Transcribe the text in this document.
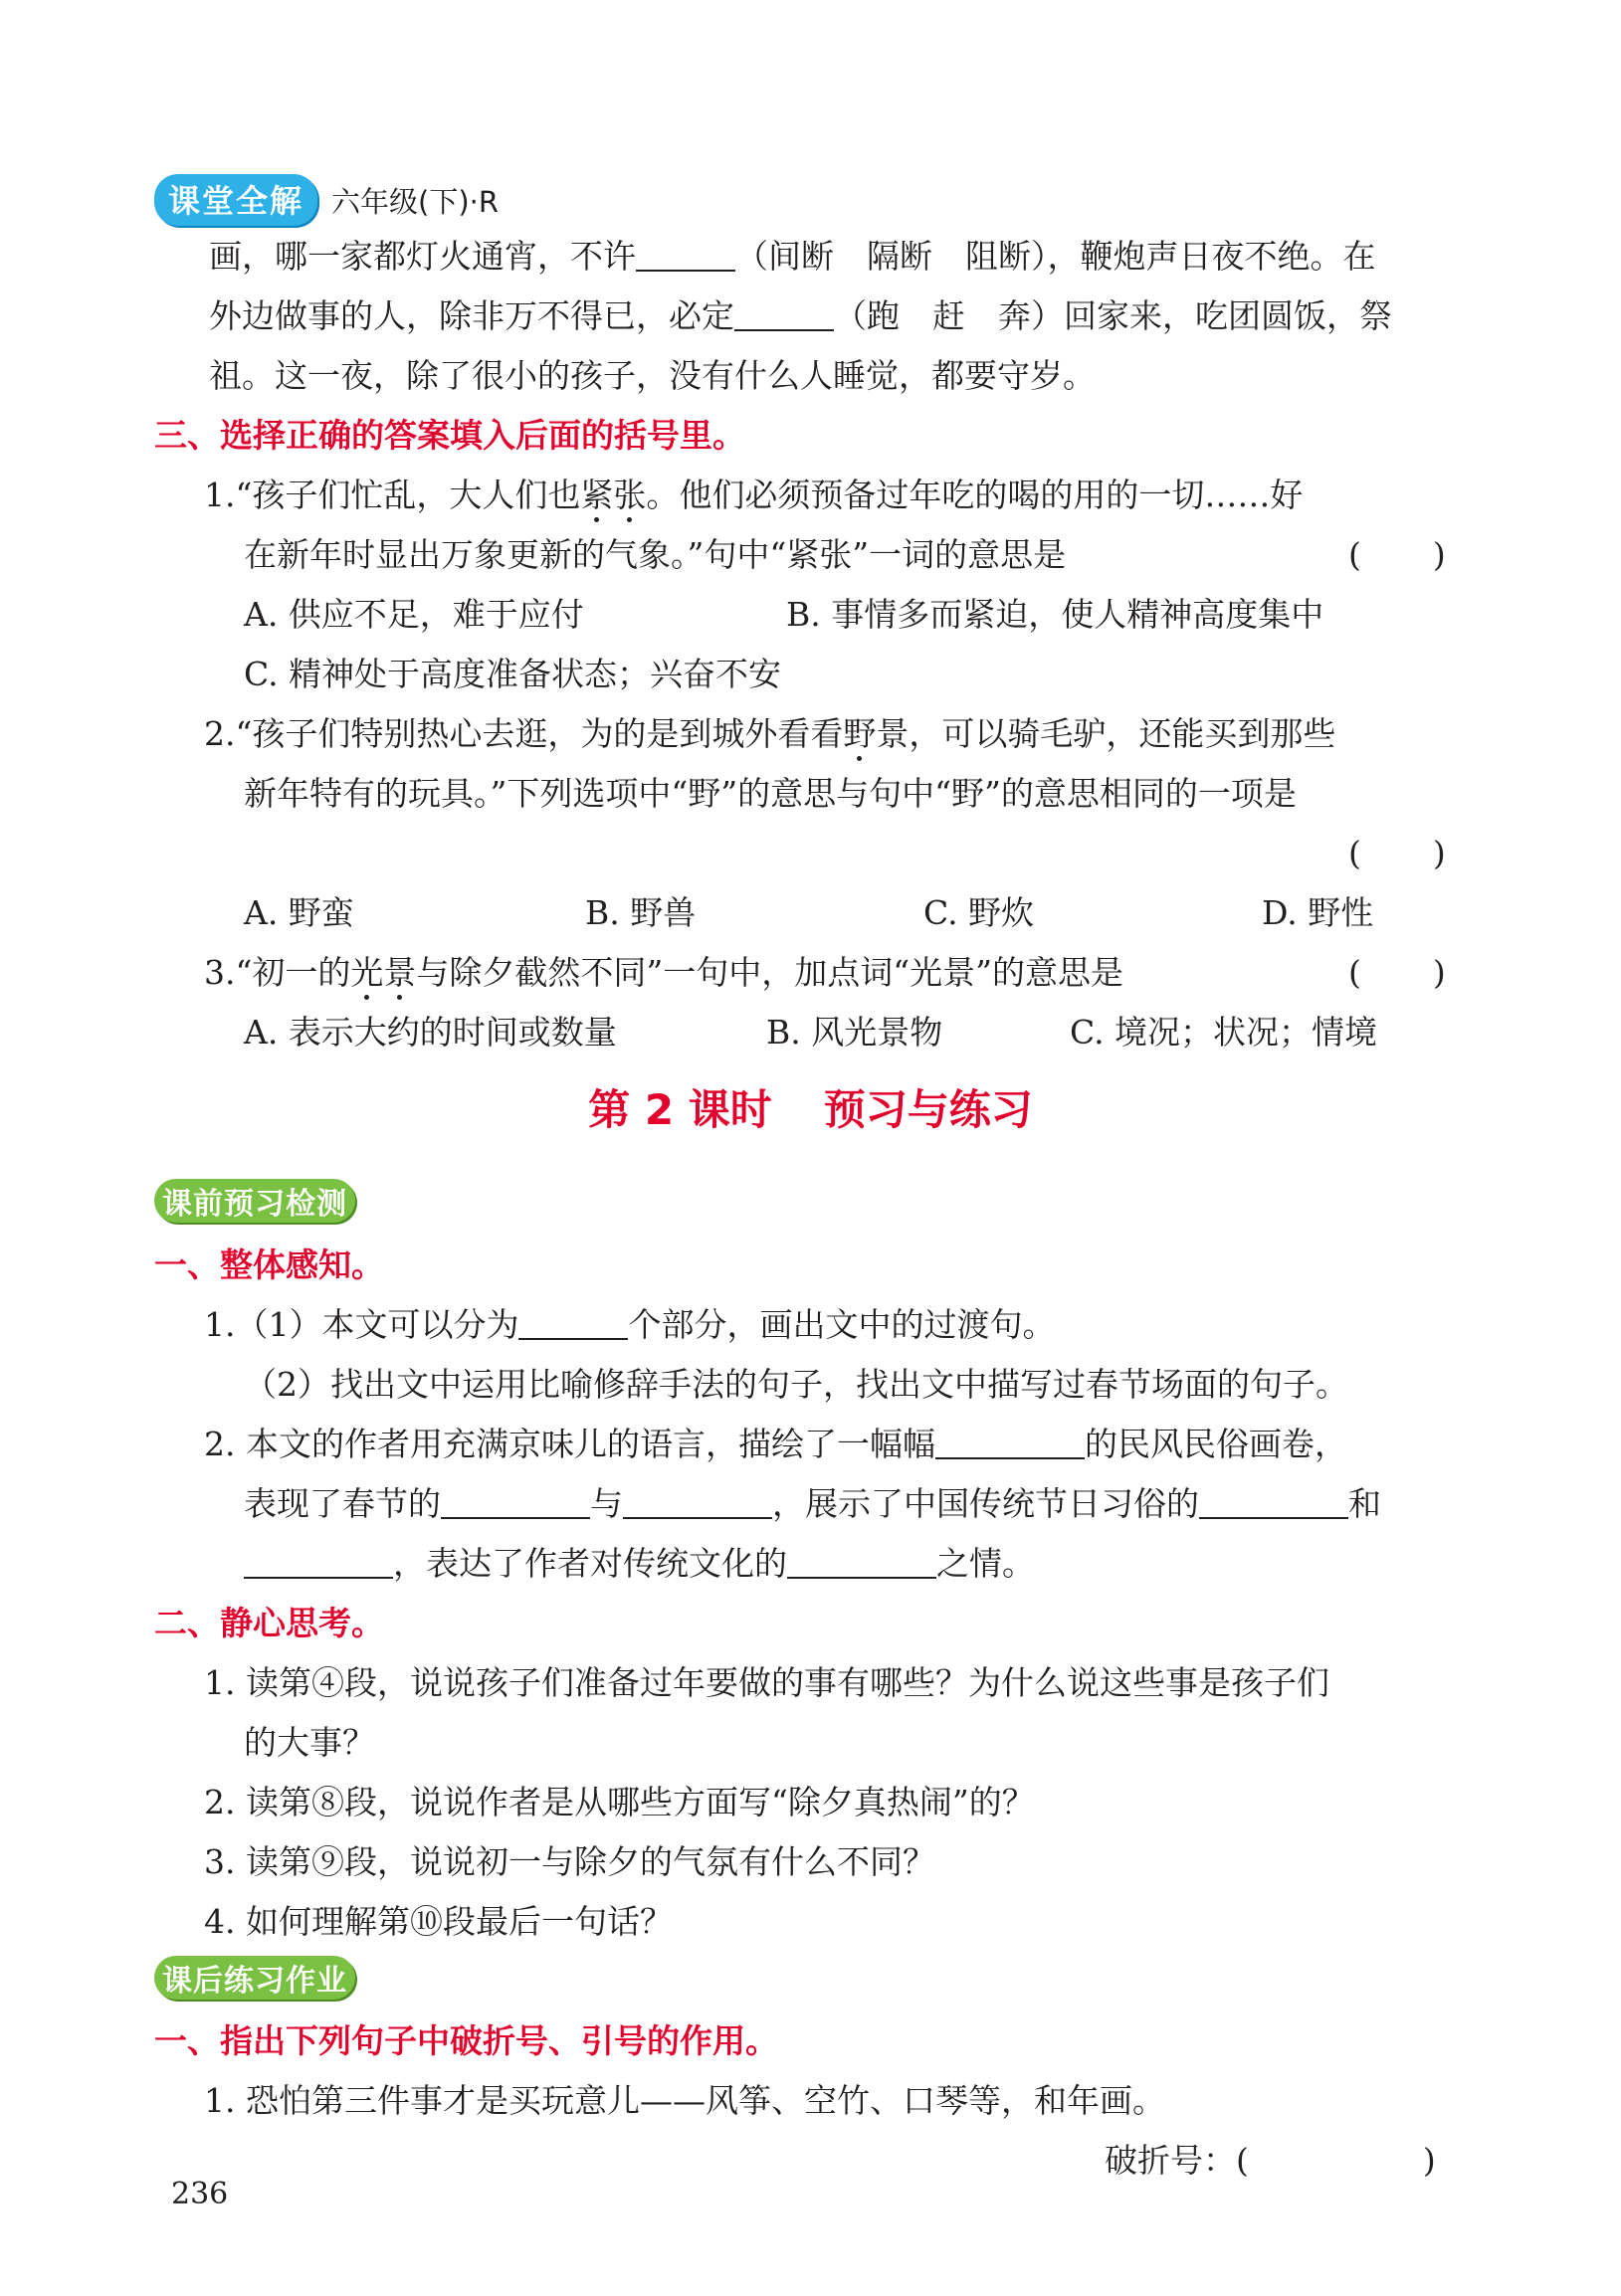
课堂全解 六年级(下)·R
画，哪一家都灯火通宵，不许	（间断　隔断　阻断），鞭炮声日夜不绝。在
外边做事的人，除非万不得已，必定	（跑　赶　奔）回家来，吃团圆饭，祭
祖。这一夜，除了很小的孩子，没有什么人睡觉，都要守岁。
三、选择正确的答案填入后面的括号里。
1.“孩子们忙乱，大人们也紧张。他们必须预备过年吃的喝的用的一切……好
在新年时显出万象更新的气象。”句中“紧张”一词的意思是	( )
A. 供应不足，难于应付	B. 事情多而紧迫，使人精神高度集中
C. 精神处于高度准备状态；兴奋不安
2.“孩子们特别热心去逛，为的是到城外看看野景，可以骑毛驴，还能买到那些
新年特有的玩具。”下列选项中“野”的意思与句中“野”的意思相同的一项是
( )
A. 野蛮	B. 野兽	C. 野炊	D. 野性
3.“初一的光景与除夕截然不同”一句中，加点词“光景”的意思是	( )
A. 表示大约的时间或数量	B. 风光景物	C. 境况；状况；情境
第 2 课时 预习与练习
课前预习检测
一、整体感知。
1.（1）本文可以分为	个部分，画出文中的过渡句。
（2）找出文中运用比喻修辞手法的句子，找出文中描写过春节场面的句子。
2. 本文的作者用充满京味儿的语言，描绘了一幅幅	的民风民俗画卷，
表现了春节的	与	，展示了中国传统节日习俗的	和
，表达了作者对传统文化的	之情。
二、静心思考。
1. 读第④段，说说孩子们准备过年要做的事有哪些？为什么说这些事是孩子们
的大事？
2. 读第⑧段，说说作者是从哪些方面写“除夕真热闹”的？
3. 读第⑨段，说说初一与除夕的气氛有什么不同？
4. 如何理解第⑩段最后一句话？
课后练习作业
一、指出下列句子中破折号、引号的作用。
1. 恐怕第三件事才是买玩意儿——风筝、空竹、口琴等，和年画。
破折号：(	)
236
